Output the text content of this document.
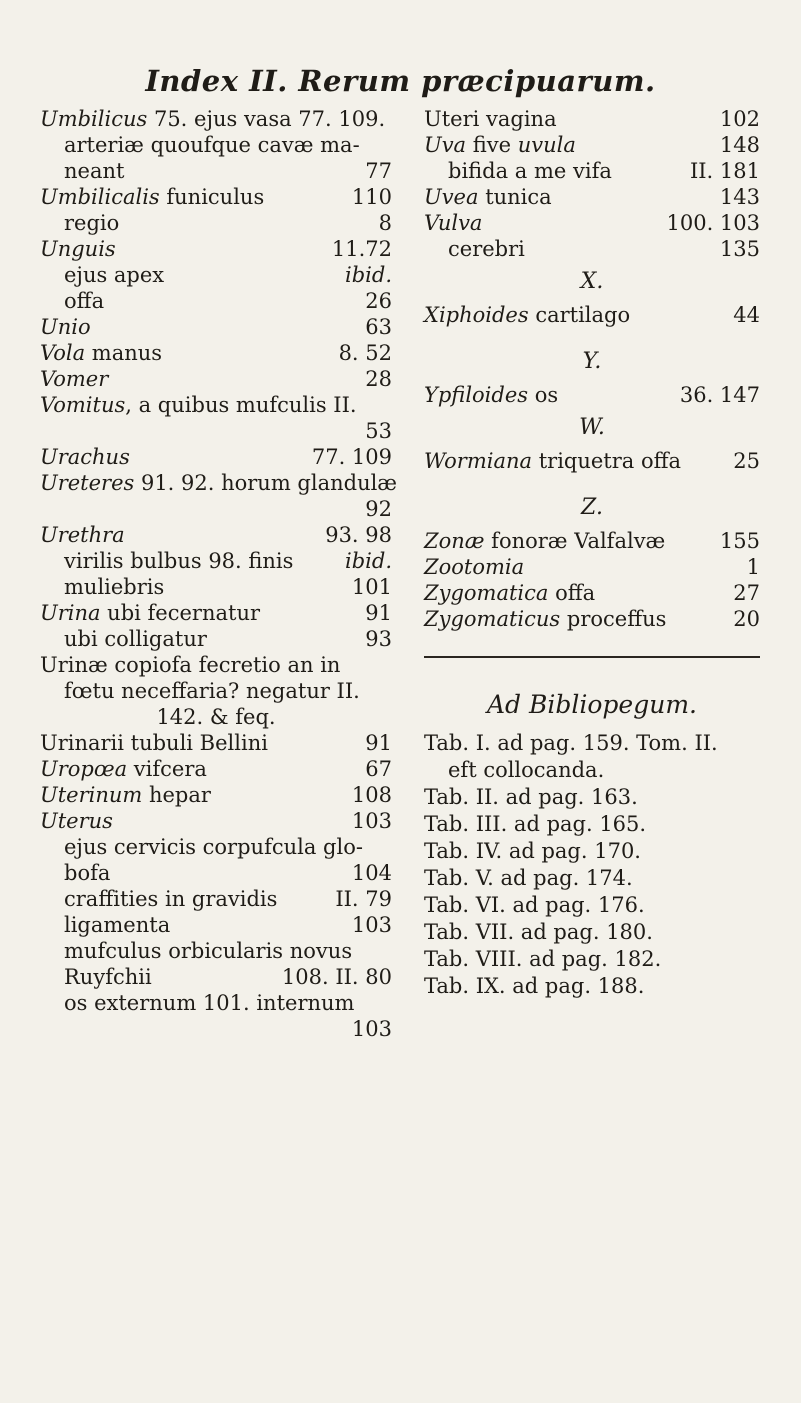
Index II. Rerum præcipuarum.
Umbilicus 75. ejus vasa 77. 109.
arteriæ quoufque cavæ ma-
neant	77
Umbilicalis funiculus	110
regio	8
Unguis	11.72
ejus apex	ibid.
offa	26
Unio	63
Vola manus	8. 52
Vomer	28
Vomitus, a quibus mufculis II.
53
Urachus	77. 109
Ureteres 91. 92. horum glandulæ
92
Urethra	93. 98
virilis bulbus 98. finis ibid.
muliebris	101
Urina ubi fecernatur	91
ubi colligatur	93
Urinæ copiofa fecretio an in
fœtu neceffaria? negatur II.
142. & feq.
Urinarii tubuli Bellini	91
Uropœa vifcera	67
Uterinum hepar	108
Uterus	103
ejus cervicis corpufcula glo-
bofa	104
craffities in gravidis	II. 79
ligamenta	103
mufculus orbicularis novus
Ruyfchii	108. II. 80
os externum 101. internum
103
Uteri vagina	102
Uva five uvula	148
bifida a me vifa	II. 181
Uvea tunica	143
Vulva	100. 103
cerebri	135
X.
Xiphoides cartilago	44
Y.
Ypfiloides os	36. 147
W.
Wormiana triquetra offa 25
Z.
Zonæ fonoræ Valfalvæ	155
Zootomia	1
Zygomatica offa	27
Zygomaticus proceffus	20
Ad Bibliopegum.
Tab. I. ad pag. 159. Tom. II.
eft collocanda.
Tab. II. ad pag. 163.
Tab. III. ad pag. 165.
Tab. IV. ad pag. 170.
Tab. V. ad pag. 174.
Tab. VI. ad pag. 176.
Tab. VII. ad pag. 180.
Tab. VIII. ad pag. 182.
Tab. IX. ad pag. 188.
